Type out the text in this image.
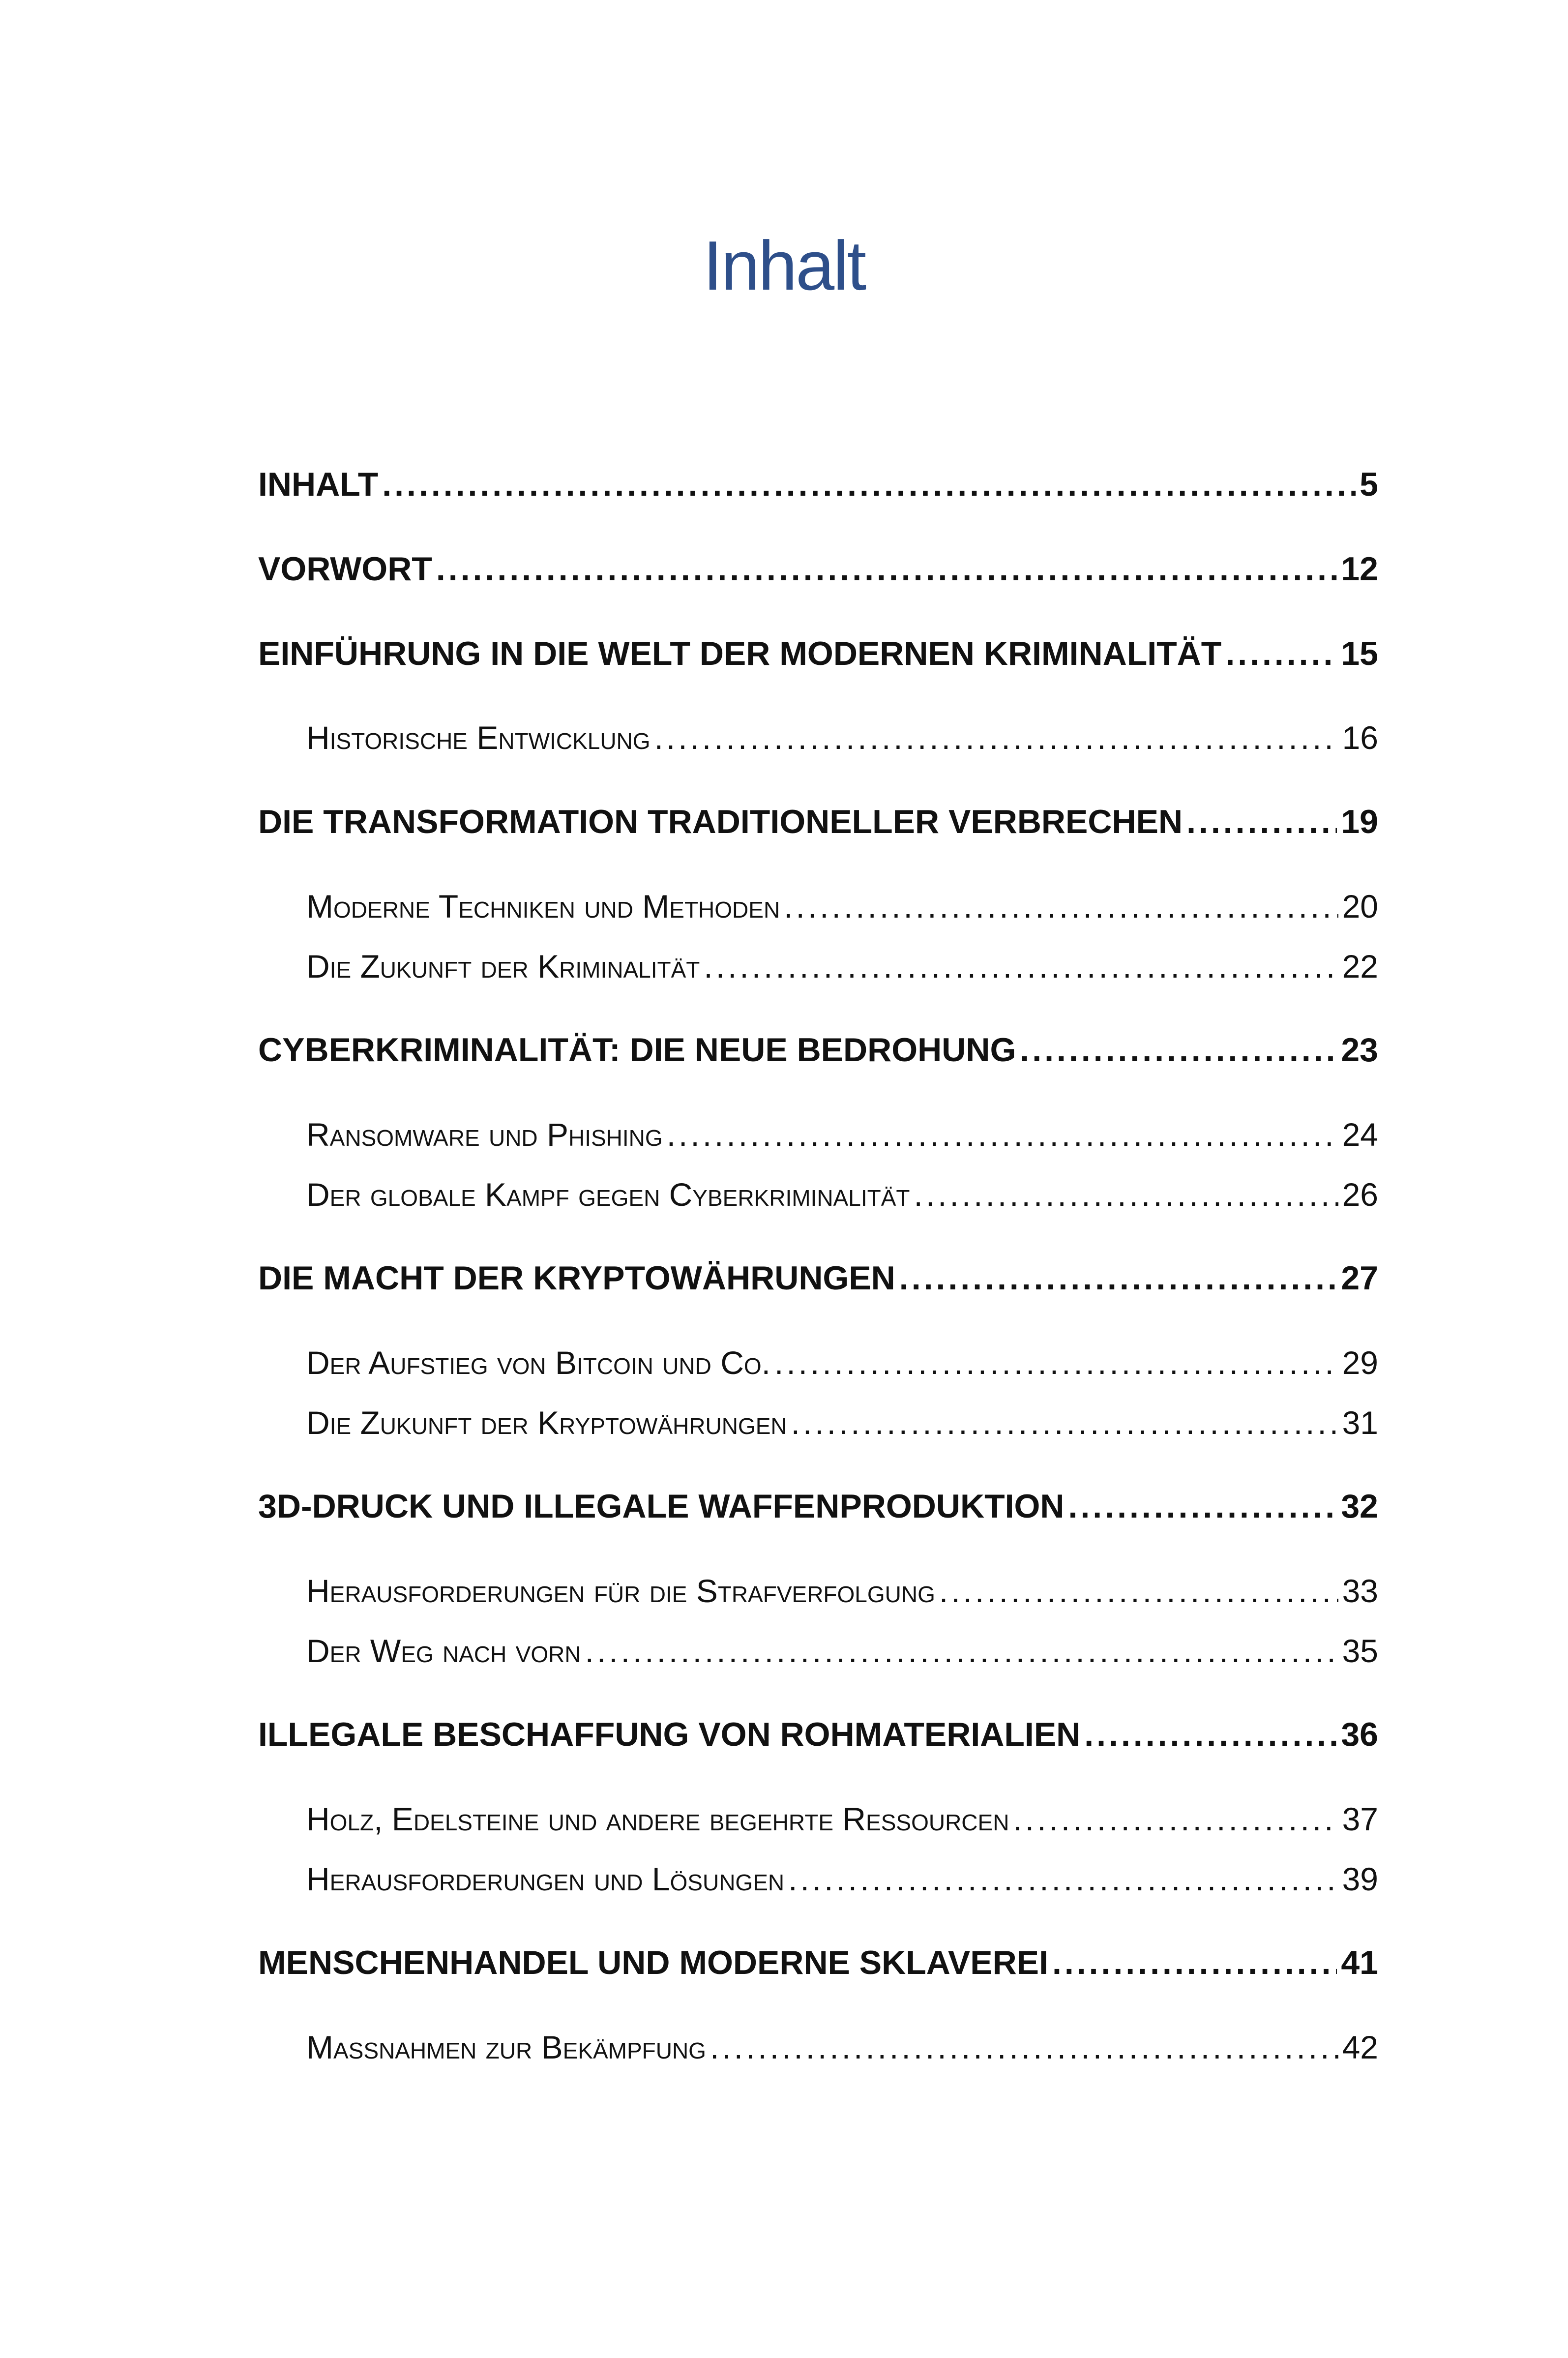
Inhalt
INHALT .....	5
VORWORT .....	12
EINFÜHRUNG IN DIE WELT DER MODERNEN KRIMINALITÄT .....	15
Historische Entwicklung .....	16
DIE TRANSFORMATION TRADITIONELLER VERBRECHEN .....	19
Moderne Techniken und Methoden .....	20
Die Zukunft der Kriminalität .....	22
CYBERKRIMINALITÄT: DIE NEUE BEDROHUNG .....	23
Ransomware und Phishing .....	24
Der globale Kampf gegen Cyberkriminalität .....	26
DIE MACHT DER KRYPTOWÄHRUNGEN .....	27
Der Aufstieg von Bitcoin und Co. .....	29
Die Zukunft der Kryptowährungen .....	31
3D-DRUCK UND ILLEGALE WAFFENPRODUKTION .....	32
Herausforderungen für die Strafverfolgung .....	33
Der Weg nach vorn .....	35
ILLEGALE BESCHAFFUNG VON ROHMATERIALIEN .....	36
Holz, Edelsteine und andere begehrte Ressourcen .....	37
Herausforderungen und Lösungen .....	39
MENSCHENHANDEL UND MODERNE SKLAVEREI .....	41
Maßnahmen zur Bekämpfung .....	42
